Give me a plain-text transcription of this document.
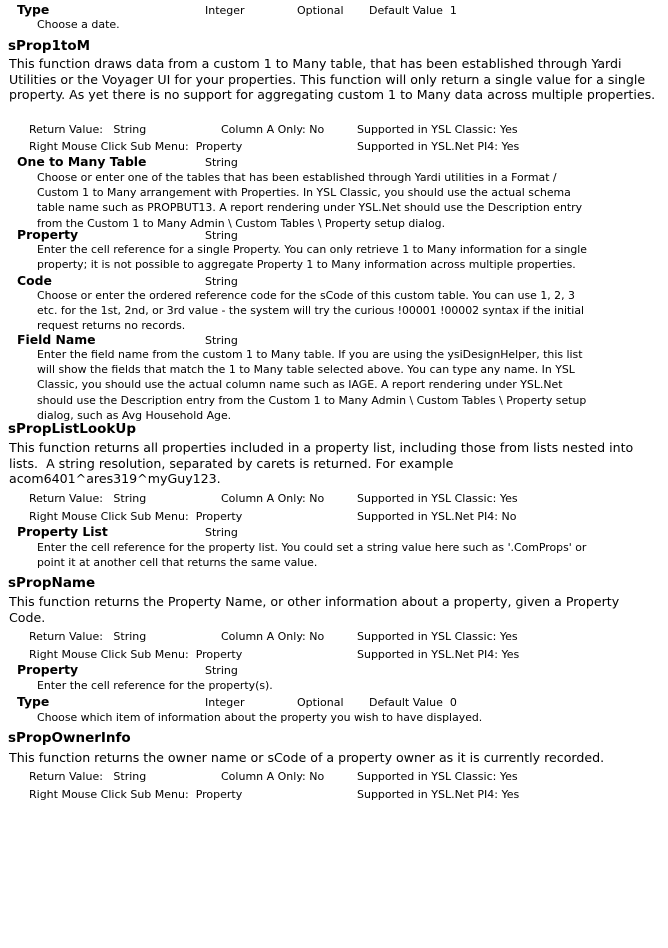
Type	Integer	Optional Default Value  1
Choose a date.
sProp1toM
This function draws data from a custom 1 to Many table, that has been established through Yardi Utilities or the Voyager UI for your properties. This function will only return a single value for a single property. As yet there is no support for aggregating custom 1 to Many data across multiple properties.
Return Value:   String	Column A Only: No	Supported in YSL Classic: Yes
Right Mouse Click Sub Menu:  Property	Supported in YSL.Net PI4: Yes
One to Many Table	String
Choose or enter one of the tables that has been established through Yardi utilities in a Format / Custom 1 to Many arrangement with Properties. In YSL Classic, you should use the actual schema table name such as PROPBUT13. A report rendering under YSL.Net should use the Description entry from the Custom 1 to Many Admin \ Custom Tables \ Property setup dialog.
Property	String
Enter the cell reference for a single Property. You can only retrieve 1 to Many information for a single property; it is not possible to aggregate Property 1 to Many information across multiple properties.
Code	String
Choose or enter the ordered reference code for the sCode of this custom table. You can use 1, 2, 3 etc. for the 1st, 2nd, or 3rd value - the system will try the curious !00001 !00002 syntax if the initial request returns no records.
Field Name	String
Enter the field name from the custom 1 to Many table. If you are using the ysiDesignHelper, this list will show the fields that match the 1 to Many table selected above. You can type any name. In YSL Classic, you should use the actual column name such as IAGE. A report rendering under YSL.Net should use the Description entry from the Custom 1 to Many Admin \ Custom Tables \ Property setup dialog, such as Avg Household Age.
sPropListLookUp
This function returns all properties included in a property list, including those from lists nested into lists.  A string resolution, separated by carets is returned. For example acom6401^ares319^myGuy123.
Return Value:   String	Column A Only: No	Supported in YSL Classic: Yes
Right Mouse Click Sub Menu:  Property	Supported in YSL.Net PI4: No
Property List	String
Enter the cell reference for the property list. You could set a string value here such as '.ComProps' or point it at another cell that returns the same value.
sPropName
This function returns the Property Name, or other information about a property, given a Property Code.
Return Value:   String	Column A Only: No	Supported in YSL Classic: Yes
Right Mouse Click Sub Menu:  Property	Supported in YSL.Net PI4: Yes
Property	String
Enter the cell reference for the property(s).
Type	Integer	Optional Default Value  0
Choose which item of information about the property you wish to have displayed.
sPropOwnerInfo
This function returns the owner name or sCode of a property owner as it is currently recorded.
Return Value:   String	Column A Only: No	Supported in YSL Classic: Yes
Right Mouse Click Sub Menu:  Property	Supported in YSL.Net PI4: Yes
